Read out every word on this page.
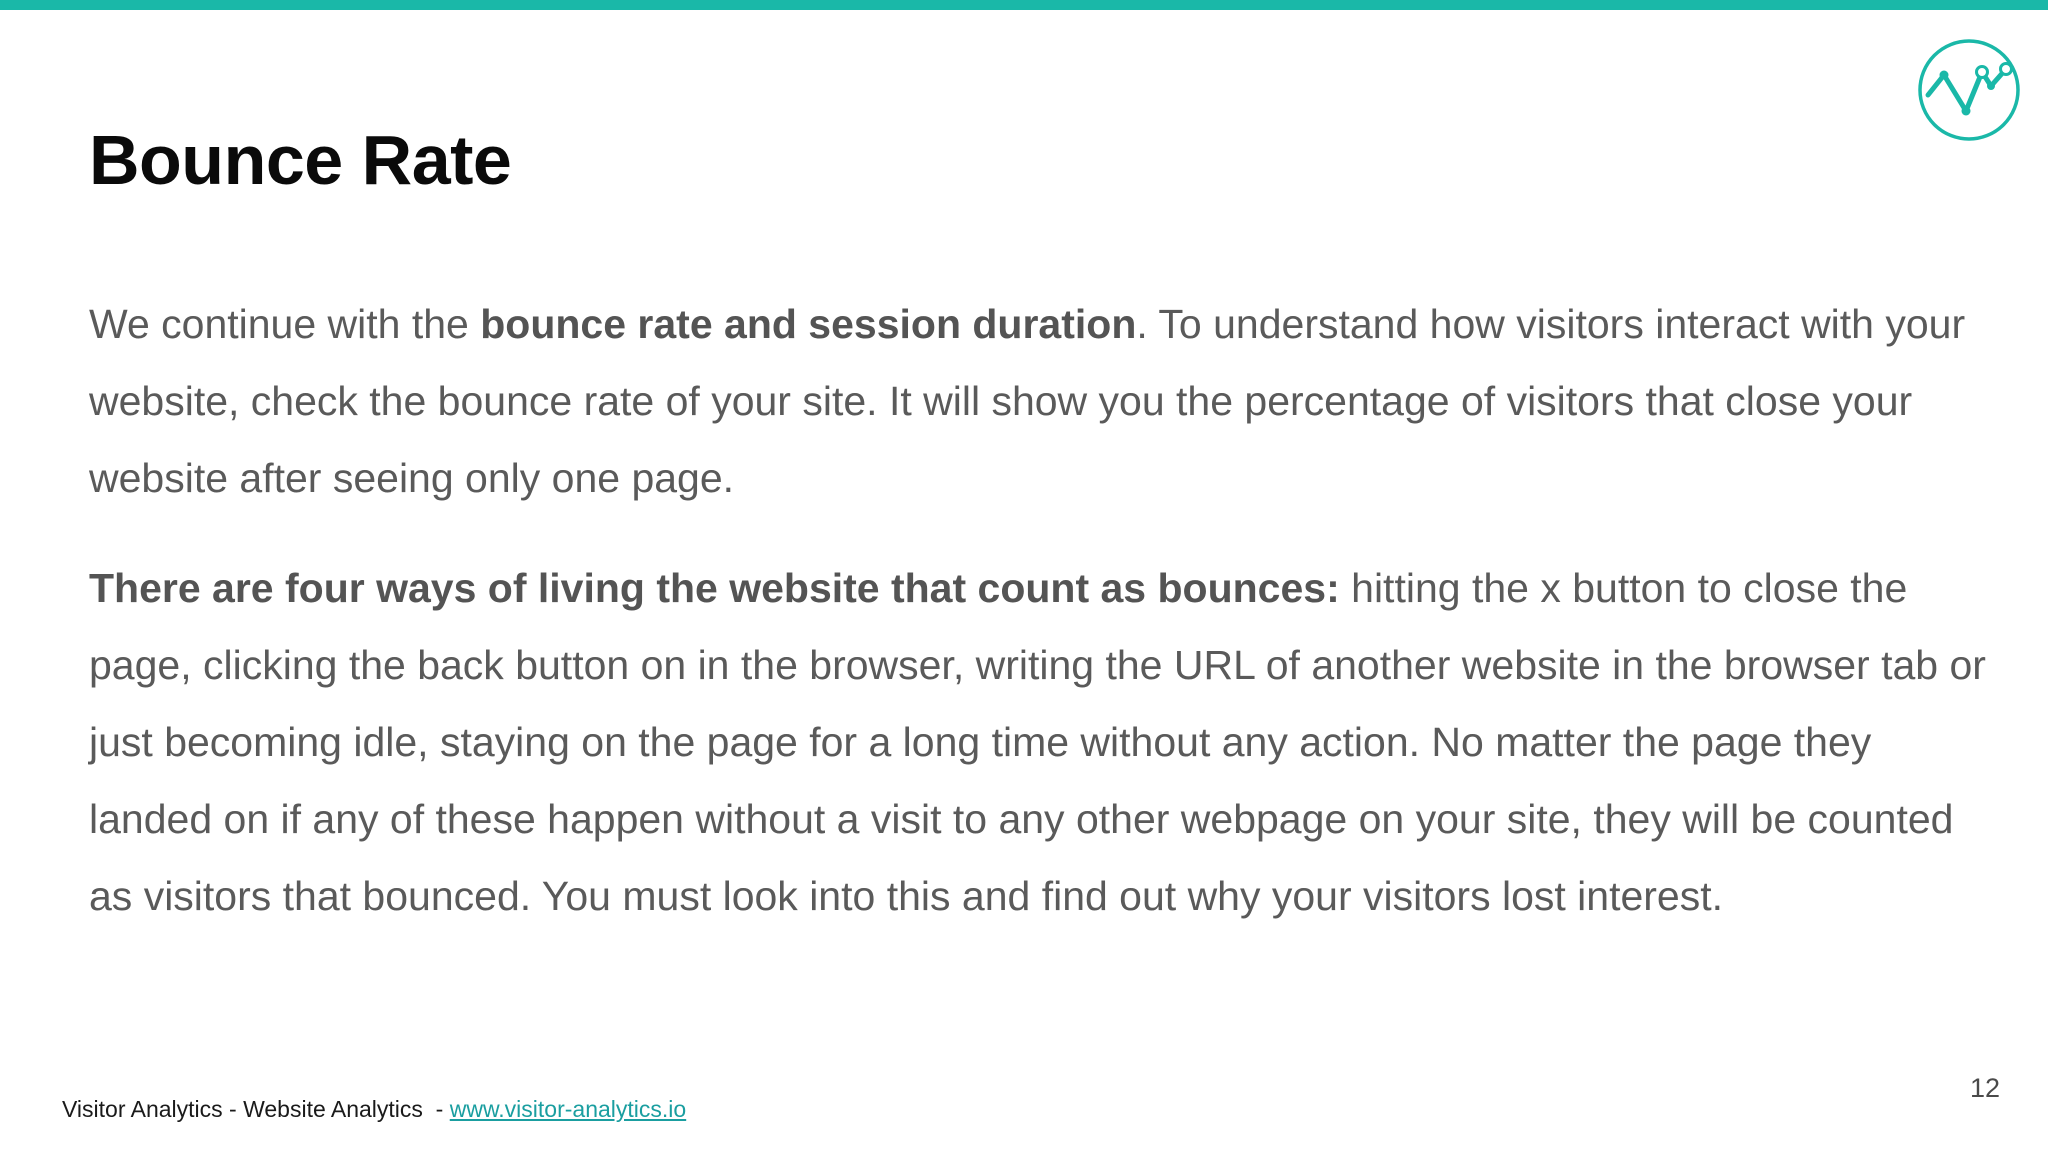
Bounce Rate

We continue with the bounce rate and session duration. To understand how visitors interact with your website, check the bounce rate of your site. It will show you the percentage of visitors that close your website after seeing only one page.

There are four ways of living the website that count as bounces: hitting the x button to close the page, clicking the back button on in the browser, writing the URL of another website in the browser tab or just becoming idle, staying on the page for a long time without any action. No matter the page they landed on if any of these happen without a visit to any other webpage on your site, they will be counted as visitors that bounced. You must look into this and find out why your visitors lost interest.

Visitor Analytics - Website Analytics  - www.visitor-analytics.io
12
